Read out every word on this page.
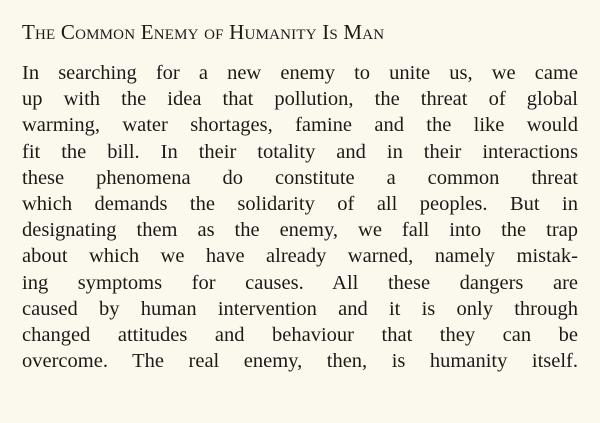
The Common Enemy of Humanity Is Man
In searching for a new enemy to unite us, we came
up with the idea that pollution, the threat of global
warming, water shortages, famine and the like would
fit the bill. In their totality and in their interactions
these phenomena do constitute a common threat
which demands the solidarity of all peoples. But in
designating them as the enemy, we fall into the trap
about which we have already warned, namely mistak-
ing symptoms for causes. All these dangers are
caused by human intervention and it is only through
changed attitudes and behaviour that they can be
overcome. The real enemy, then, is humanity itself.
